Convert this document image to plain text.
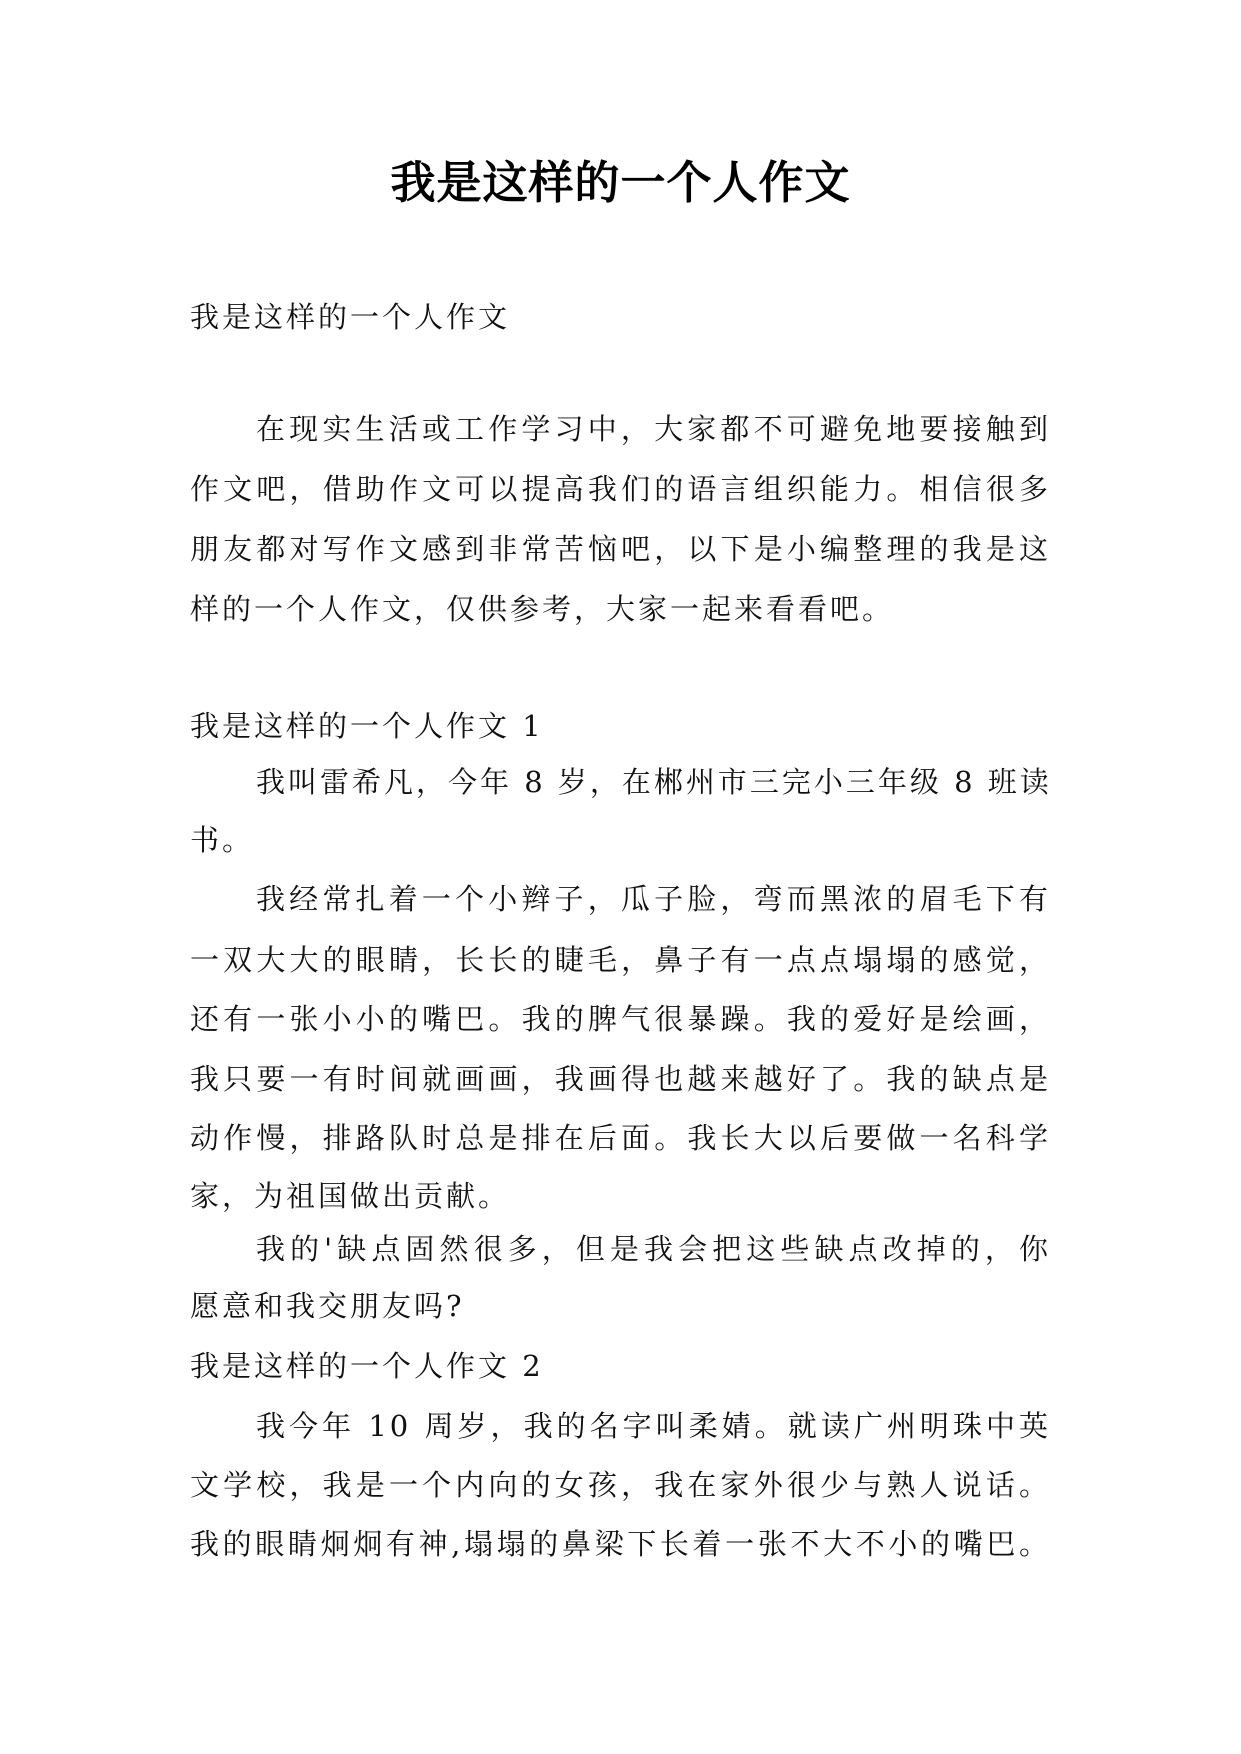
我是这样的一个人作文
我是这样的一个人作文
在现实生活或工作学习中，大家都不可避免地要接触到
作文吧，借助作文可以提高我们的语言组织能力。相信很多
朋友都对写作文感到非常苦恼吧，以下是小编整理的我是这
样的一个人作文，仅供参考，大家一起来看看吧。
我是这样的一个人作文 1
我叫雷希凡，今年 8 岁，在郴州市三完小三年级 8 班读
书。
我经常扎着一个小辫子，瓜子脸，弯而黑浓的眉毛下有
一双大大的眼睛，长长的睫毛，鼻子有一点点塌塌的感觉，
还有一张小小的嘴巴。我的脾气很暴躁。我的爱好是绘画，
我只要一有时间就画画，我画得也越来越好了。我的缺点是
动作慢，排路队时总是排在后面。我长大以后要做一名科学
家，为祖国做出贡献。
我的'缺点固然很多，但是我会把这些缺点改掉的，你
愿意和我交朋友吗?
我是这样的一个人作文 2
我今年 10 周岁，我的名字叫柔婧。就读广州明珠中英
文学校，我是一个内向的女孩，我在家外很少与熟人说话。
我的眼睛炯炯有神,塌塌的鼻梁下长着一张不大不小的嘴巴。
